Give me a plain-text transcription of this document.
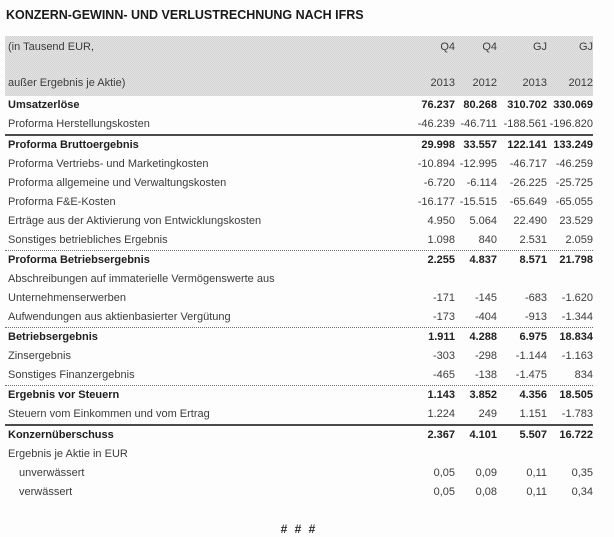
KONZERN-GEWINN- UND VERLUSTRECHNUNG NACH IFRS
(in Tausend EUR,	Q4	Q4	GJ	GJ
außer Ergebnis je Aktie)	2013	2012	2013	2012
Umsatzerlöse	76.237 80.268 310.702 330.069
Proforma Herstellungskosten	-46.239 -46.711 -188.561 -196.820
Proforma Bruttoergebnis	29.998 33.557 122.141 133.249
Proforma Vertriebs- und Marketingkosten	-10.894 -12.995	-46.717 -46.259
Proforma allgemeine und Verwaltungskosten	-6.720	-6.114	-26.225 -25.725
Proforma F&E-Kosten	-16.177 -15.515	-65.649 -65.055
Erträge aus der Aktivierung von Entwicklungskosten	4.950	5.064	22.490	23.529
Sonstiges betriebliches Ergebnis	1.098	840	2.531	2.059
Proforma Betriebsergebnis	2.255	4.837	8.571	21.798
Abschreibungen auf immaterielle Vermögenswerte aus
Unternehmenserwerben	-171	-145	-683	-1.620
Aufwendungen aus aktienbasierter Vergütung	-173	-404	-913	-1.344
Betriebsergebnis	1.911	4.288	6.975	18.834
Zinsergebnis	-303	-298	-1.144	-1.163
Sonstiges Finanzergebnis	-465	-138	-1.475	834
Ergebnis vor Steuern	1.143	3.852	4.356	18.505
Steuern vom Einkommen und vom Ertrag	1.224	249	1.151	-1.783
Konzernüberschuss	2.367	4.101	5.507	16.722
Ergebnis je Aktie in EUR
unverwässert	0,05	0,09	0,11	0,35
verwässert	0,05	0,08	0,11	0,34
# # #
